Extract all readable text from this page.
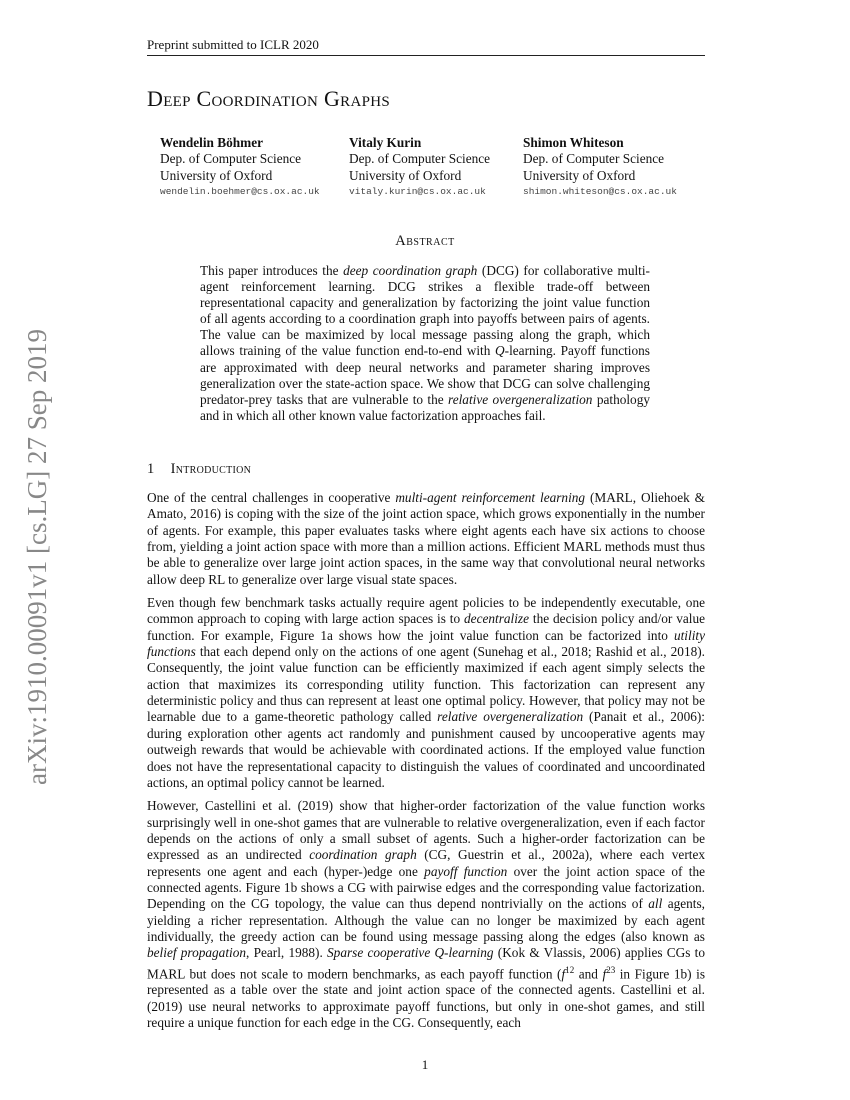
arXiv:1910.00091v1 [cs.LG] 27 Sep 2019
Preprint submitted to ICLR 2020
Deep Coordination Graphs
Wendelin Böhmer
Dep. of Computer Science
University of Oxford
wendelin.boehmer@cs.ox.ac.uk
Vitaly Kurin
Dep. of Computer Science
University of Oxford
vitaly.kurin@cs.ox.ac.uk
Shimon Whiteson
Dep. of Computer Science
University of Oxford
shimon.whiteson@cs.ox.ac.uk
Abstract

This paper introduces the deep coordination graph (DCG) for collaborative multi-agent reinforcement learning. DCG strikes a flexible trade-off between representational capacity and generalization by factorizing the joint value function of all agents according to a coordination graph into payoffs between pairs of agents. The value can be maximized by local message passing along the graph, which allows training of the value function end-to-end with Q-learning. Payoff functions are approximated with deep neural networks and parameter sharing improves generalization over the state-action space. We show that DCG can solve challenging predator-prey tasks that are vulnerable to the relative overgeneralization pathology and in which all other known value factorization approaches fail.

1 Introduction

One of the central challenges in cooperative multi-agent reinforcement learning (MARL, Oliehoek & Amato, 2016) is coping with the size of the joint action space, which grows exponentially in the number of agents. For example, this paper evaluates tasks where eight agents each have six actions to choose from, yielding a joint action space with more than a million actions. Efficient MARL methods must thus be able to generalize over large joint action spaces, in the same way that convolutional neural networks allow deep RL to generalize over large visual state spaces.

Even though few benchmark tasks actually require agent policies to be independently executable, one common approach to coping with large action spaces is to decentralize the decision policy and/or value function. For example, Figure 1a shows how the joint value function can be factorized into utility functions that each depend only on the actions of one agent (Sunehag et al., 2018; Rashid et al., 2018). Consequently, the joint value function can be efficiently maximized if each agent simply selects the action that maximizes its corresponding utility function. This factorization can represent any deterministic policy and thus can represent at least one optimal policy. However, that policy may not be learnable due to a game-theoretic pathology called relative overgeneralization (Panait et al., 2006): during exploration other agents act randomly and punishment caused by uncooperative agents may outweigh rewards that would be achievable with coordinated actions. If the employed value function does not have the representational capacity to distinguish the values of coordinated and uncoordinated actions, an optimal policy cannot be learned.

However, Castellini et al. (2019) show that higher-order factorization of the value function works surprisingly well in one-shot games that are vulnerable to relative overgeneralization, even if each factor depends on the actions of only a small subset of agents. Such a higher-order factorization can be expressed as an undirected coordination graph (CG, Guestrin et al., 2002a), where each vertex represents one agent and each (hyper-)edge one payoff function over the joint action space of the connected agents. Figure 1b shows a CG with pairwise edges and the corresponding value factorization. Depending on the CG topology, the value can thus depend nontrivially on the actions of all agents, yielding a richer representation. Although the value can no longer be maximized by each agent individually, the greedy action can be found using message passing along the edges (also known as belief propagation, Pearl, 1988). Sparse cooperative Q-learning (Kok & Vlassis, 2006) applies CGs to MARL but does not scale to modern benchmarks, as each payoff function ($f^{12}$ and $f^{23}$ in Figure 1b) is represented as a table over the state and joint action space of the connected agents. Castellini et al. (2019) use neural networks to approximate payoff functions, but only in one-shot games, and still require a unique function for each edge in the CG. Consequently, each

1
